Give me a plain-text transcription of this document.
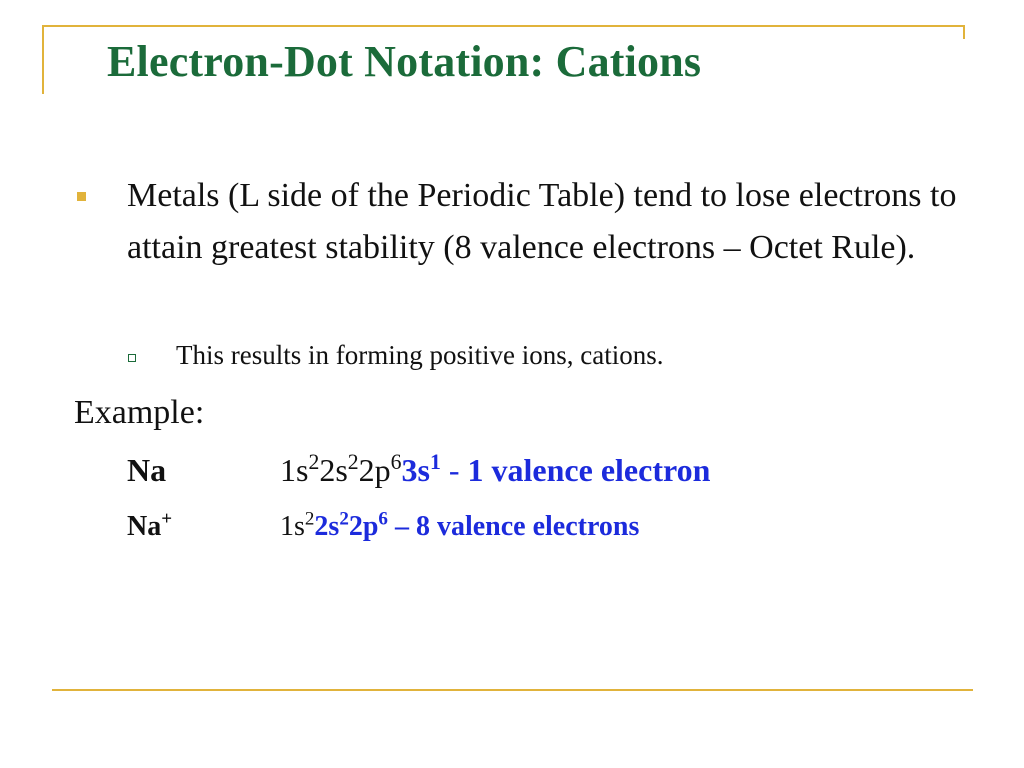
Electron-Dot Notation: Cations
Metals (L side of the Periodic Table) tend to lose electrons to attain greatest stability (8 valence electrons – Octet Rule).
This results in forming positive ions, cations.
Example:
Na	$1s^22s^22p^63s^1 - 1$ valence electron
Na+	$1s^22s^22p^6 - 8$ valence electrons
